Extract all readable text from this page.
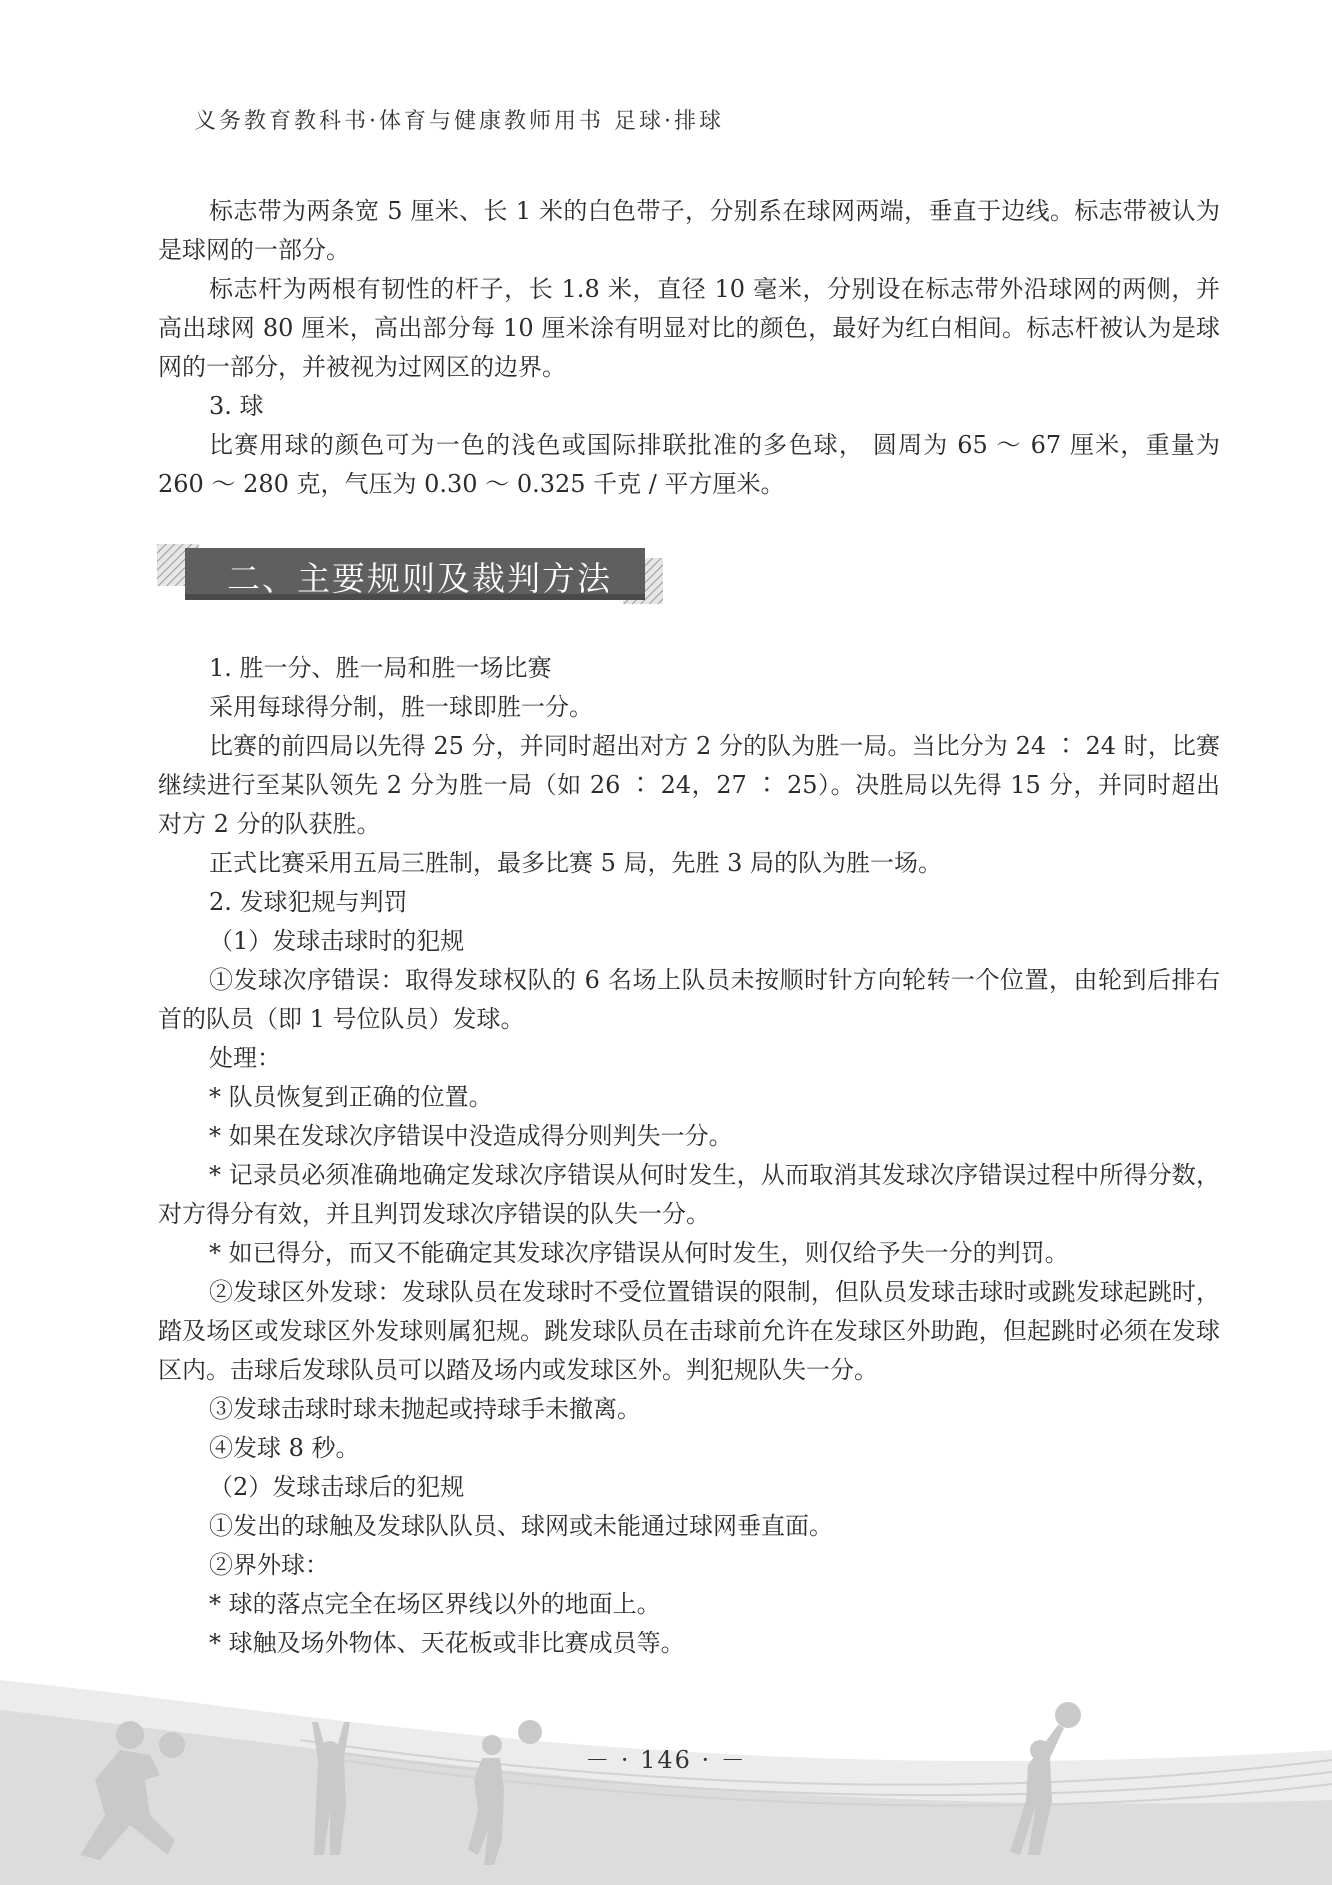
义务教育教科书·体育与健康教师用书 足球·排球

标志带为两条宽 5 厘米、长 1 米的白色带子，分别系在球网两端，垂直于边线。标志带被认为是球网的一部分。

标志杆为两根有韧性的杆子，长 1.8 米，直径 10 毫米，分别设在标志带外沿球网的两侧，并高出球网 80 厘米，高出部分每 10 厘米涂有明显对比的颜色，最好为红白相间。标志杆被认为是球网的一部分，并被视为过网区的边界。

3. 球

比赛用球的颜色可为一色的浅色或国际排联批准的多色球， 圆周为 65 ～ 67 厘米，重量为 260 ～ 280 克，气压为 0.30 ～ 0.325 千克 / 平方厘米。

二、主要规则及裁判方法

1. 胜一分、胜一局和胜一场比赛

采用每球得分制，胜一球即胜一分。

比赛的前四局以先得 25 分，并同时超出对方 2 分的队为胜一局。当比分为 24 ∶ 24 时，比赛继续进行至某队领先 2 分为胜一局（如 26 ∶ 24，27 ∶ 25）。决胜局以先得 15 分，并同时超出对方 2 分的队获胜。

正式比赛采用五局三胜制，最多比赛 5 局，先胜 3 局的队为胜一场。

2. 发球犯规与判罚

（1）发球击球时的犯规

①发球次序错误：取得发球权队的 6 名场上队员未按顺时针方向轮转一个位置，由轮到后排右首的队员（即 1 号位队员）发球。

处理：

* 队员恢复到正确的位置。

* 如果在发球次序错误中没造成得分则判失一分。

* 记录员必须准确地确定发球次序错误从何时发生，从而取消其发球次序错误过程中所得分数，对方得分有效，并且判罚发球次序错误的队失一分。

* 如已得分，而又不能确定其发球次序错误从何时发生，则仅给予失一分的判罚。

②发球区外发球：发球队员在发球时不受位置错误的限制，但队员发球击球时或跳发球起跳时，踏及场区或发球区外发球则属犯规。跳发球队员在击球前允许在发球区外助跑，但起跳时必须在发球区内。击球后发球队员可以踏及场内或发球区外。判犯规队失一分。

③发球击球时球未抛起或持球手未撤离。

④发球 8 秒。

（2）发球击球后的犯规

①发出的球触及发球队队员、球网或未能通过球网垂直面。

②界外球：

* 球的落点完全在场区界线以外的地面上。

* 球触及场外物体、天花板或非比赛成员等。

－ · 146 · －
